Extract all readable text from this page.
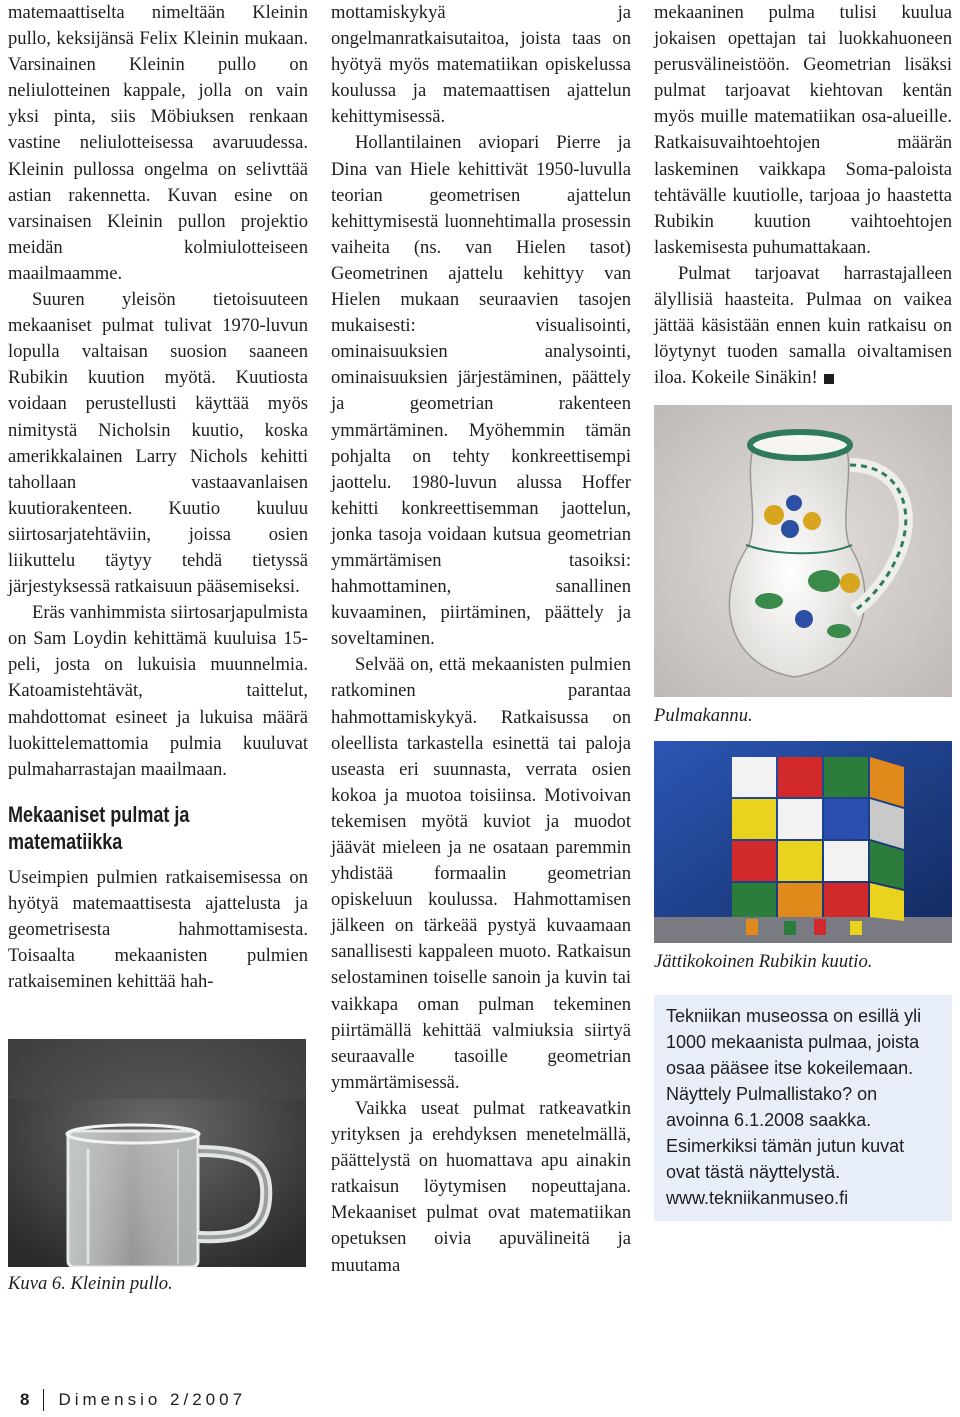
matemaattiselta nimeltään Kleinin pullo, keksijänsä Felix Kleinin mukaan. Varsinainen Kleinin pullo on neliulotteinen kappale, jolla on vain yksi pinta, siis Möbiuksen renkaan vastine neliulotteisessa avaruudessa. Kleinin pullossa ongelma on selivttää astian rakennetta. Kuvan esine on varsinaisen Kleinin pullon projektio meidän kolmiulotteiseen maailmaamme.

Suuren yleisön tietoisuuteen mekaaniset pulmat tulivat 1970-luvun lopulla valtaisan suosion saaneen Rubikin kuution myötä. Kuutiosta voidaan perustellusti käyttää myös nimitystä Nicholsin kuutio, koska amerikkalainen Larry Nichols kehitti tahollaan vastaavanlaisen kuutiorakenteen. Kuutio kuuluu siirtosarjatehtäviin, joissa osien liikuttelu täytyy tehdä tietyssä järjestyksessä ratkaisuun pääsemiseksi.

Eräs vanhimmista siirtosarjapulmista on Sam Loydin kehittämä kuuluisa 15-peli, josta on lukuisia muunnelmia. Katoamistehtävät, taittelut, mahdottomat esineet ja lukuisa määrä luokittelemattomia pulmia kuuluvat pulmaharrastajan maailmaan.

Mekaaniset pulmat ja matematiikka

Useimpien pulmien ratkaisemisessa on hyötyä matemaattisesta ajattelusta ja geometrisesta hahmottamisesta. Toisaalta mekaanisten pulmien ratkaiseminen kehittää hah-

Kuva 6. Kleinin pullo.

mottamiskykyä ja ongelmanratkaisutaitoa, joista taas on hyötyä myös matematiikan opiskelussa koulussa ja matemaattisen ajattelun kehittymisessä.

Hollantilainen aviopari Pierre ja Dina van Hiele kehittivät 1950-luvulla teorian geometrisen ajattelun kehittymisestä luonnehtimalla prosessin vaiheita (ns. van Hielen tasot) Geometrinen ajattelu kehittyy van Hielen mukaan seuraavien tasojen mukaisesti: visualisointi, ominaisuuksien analysointi, ominaisuuksien järjestäminen, päättely ja geometrian rakenteen ymmärtäminen. Myöhemmin tämän pohjalta on tehty konkreettisempi jaottelu. 1980-luvun alussa Hoffer kehitti konkreettisemman jaottelun, jonka tasoja voidaan kutsua geometrian ymmärtämisen tasoiksi: hahmottaminen, sanallinen kuvaaminen, piirtäminen, päättely ja soveltaminen.

Selvää on, että mekaanisten pulmien ratkominen parantaa hahmottamiskykyä. Ratkaisussa on oleellista tarkastella esinettä tai paloja useasta eri suunnasta, verrata osien kokoa ja muotoa toisiinsa. Motivoivan tekemisen myötä kuviot ja muodot jäävät mieleen ja ne osataan paremmin yhdistää formaalin geometrian opiskeluun koulussa. Hahmottamisen jälkeen on tärkeää pystyä kuvaamaan sanallisesti kappaleen muoto. Ratkaisun selostaminen toiselle sanoin ja kuvin tai vaikkapa oman pulman tekeminen piirtämällä kehittää valmiuksia siirtyä seuraavalle tasoille geometrian ymmärtämisessä.

Vaikka useat pulmat ratkeavatkin yrityksen ja erehdyksen menetelmällä, päättelystä on huomattava apu ainakin ratkaisun löytymisen nopeuttajana. Mekaaniset pulmat ovat matematiikan opetuksen oivia apuvälineitä ja muutama

mekaaninen pulma tulisi kuulua jokaisen opettajan tai luokkahuoneen perusvälineistöön. Geometrian lisäksi pulmat tarjoavat kiehtovan kentän myös muille matematiikan osa-alueille. Ratkaisuvaihtoehtojen määrän laskeminen vaikkapa Soma-paloista tehtävälle kuutiolle, tarjoaa jo haastetta Rubikin kuution vaihtoehtojen laskemisesta puhumattakaan.

Pulmat tarjoavat harrastajalleen älyllisiä haasteita. Pulmaa on vaikea jättää käsistään ennen kuin ratkaisu on löytynyt tuoden samalla oivaltamisen iloa. Kokeile Sinäkin!

Pulmakannu.
Jättikokoinen Rubikin kuutio.
Tekniikan museossa on esillä yli 1000 mekaanista pulmaa, joista osaa pääsee itse kokeilemaan.
Näyttely Pulmallistako? on avoinna 6.1.2008 saakka.
Esimerkiksi tämän jutun kuvat ovat tästä näyttelystä.
www.tekniikanmuseo.fi
8 Dimensio 2/2007
